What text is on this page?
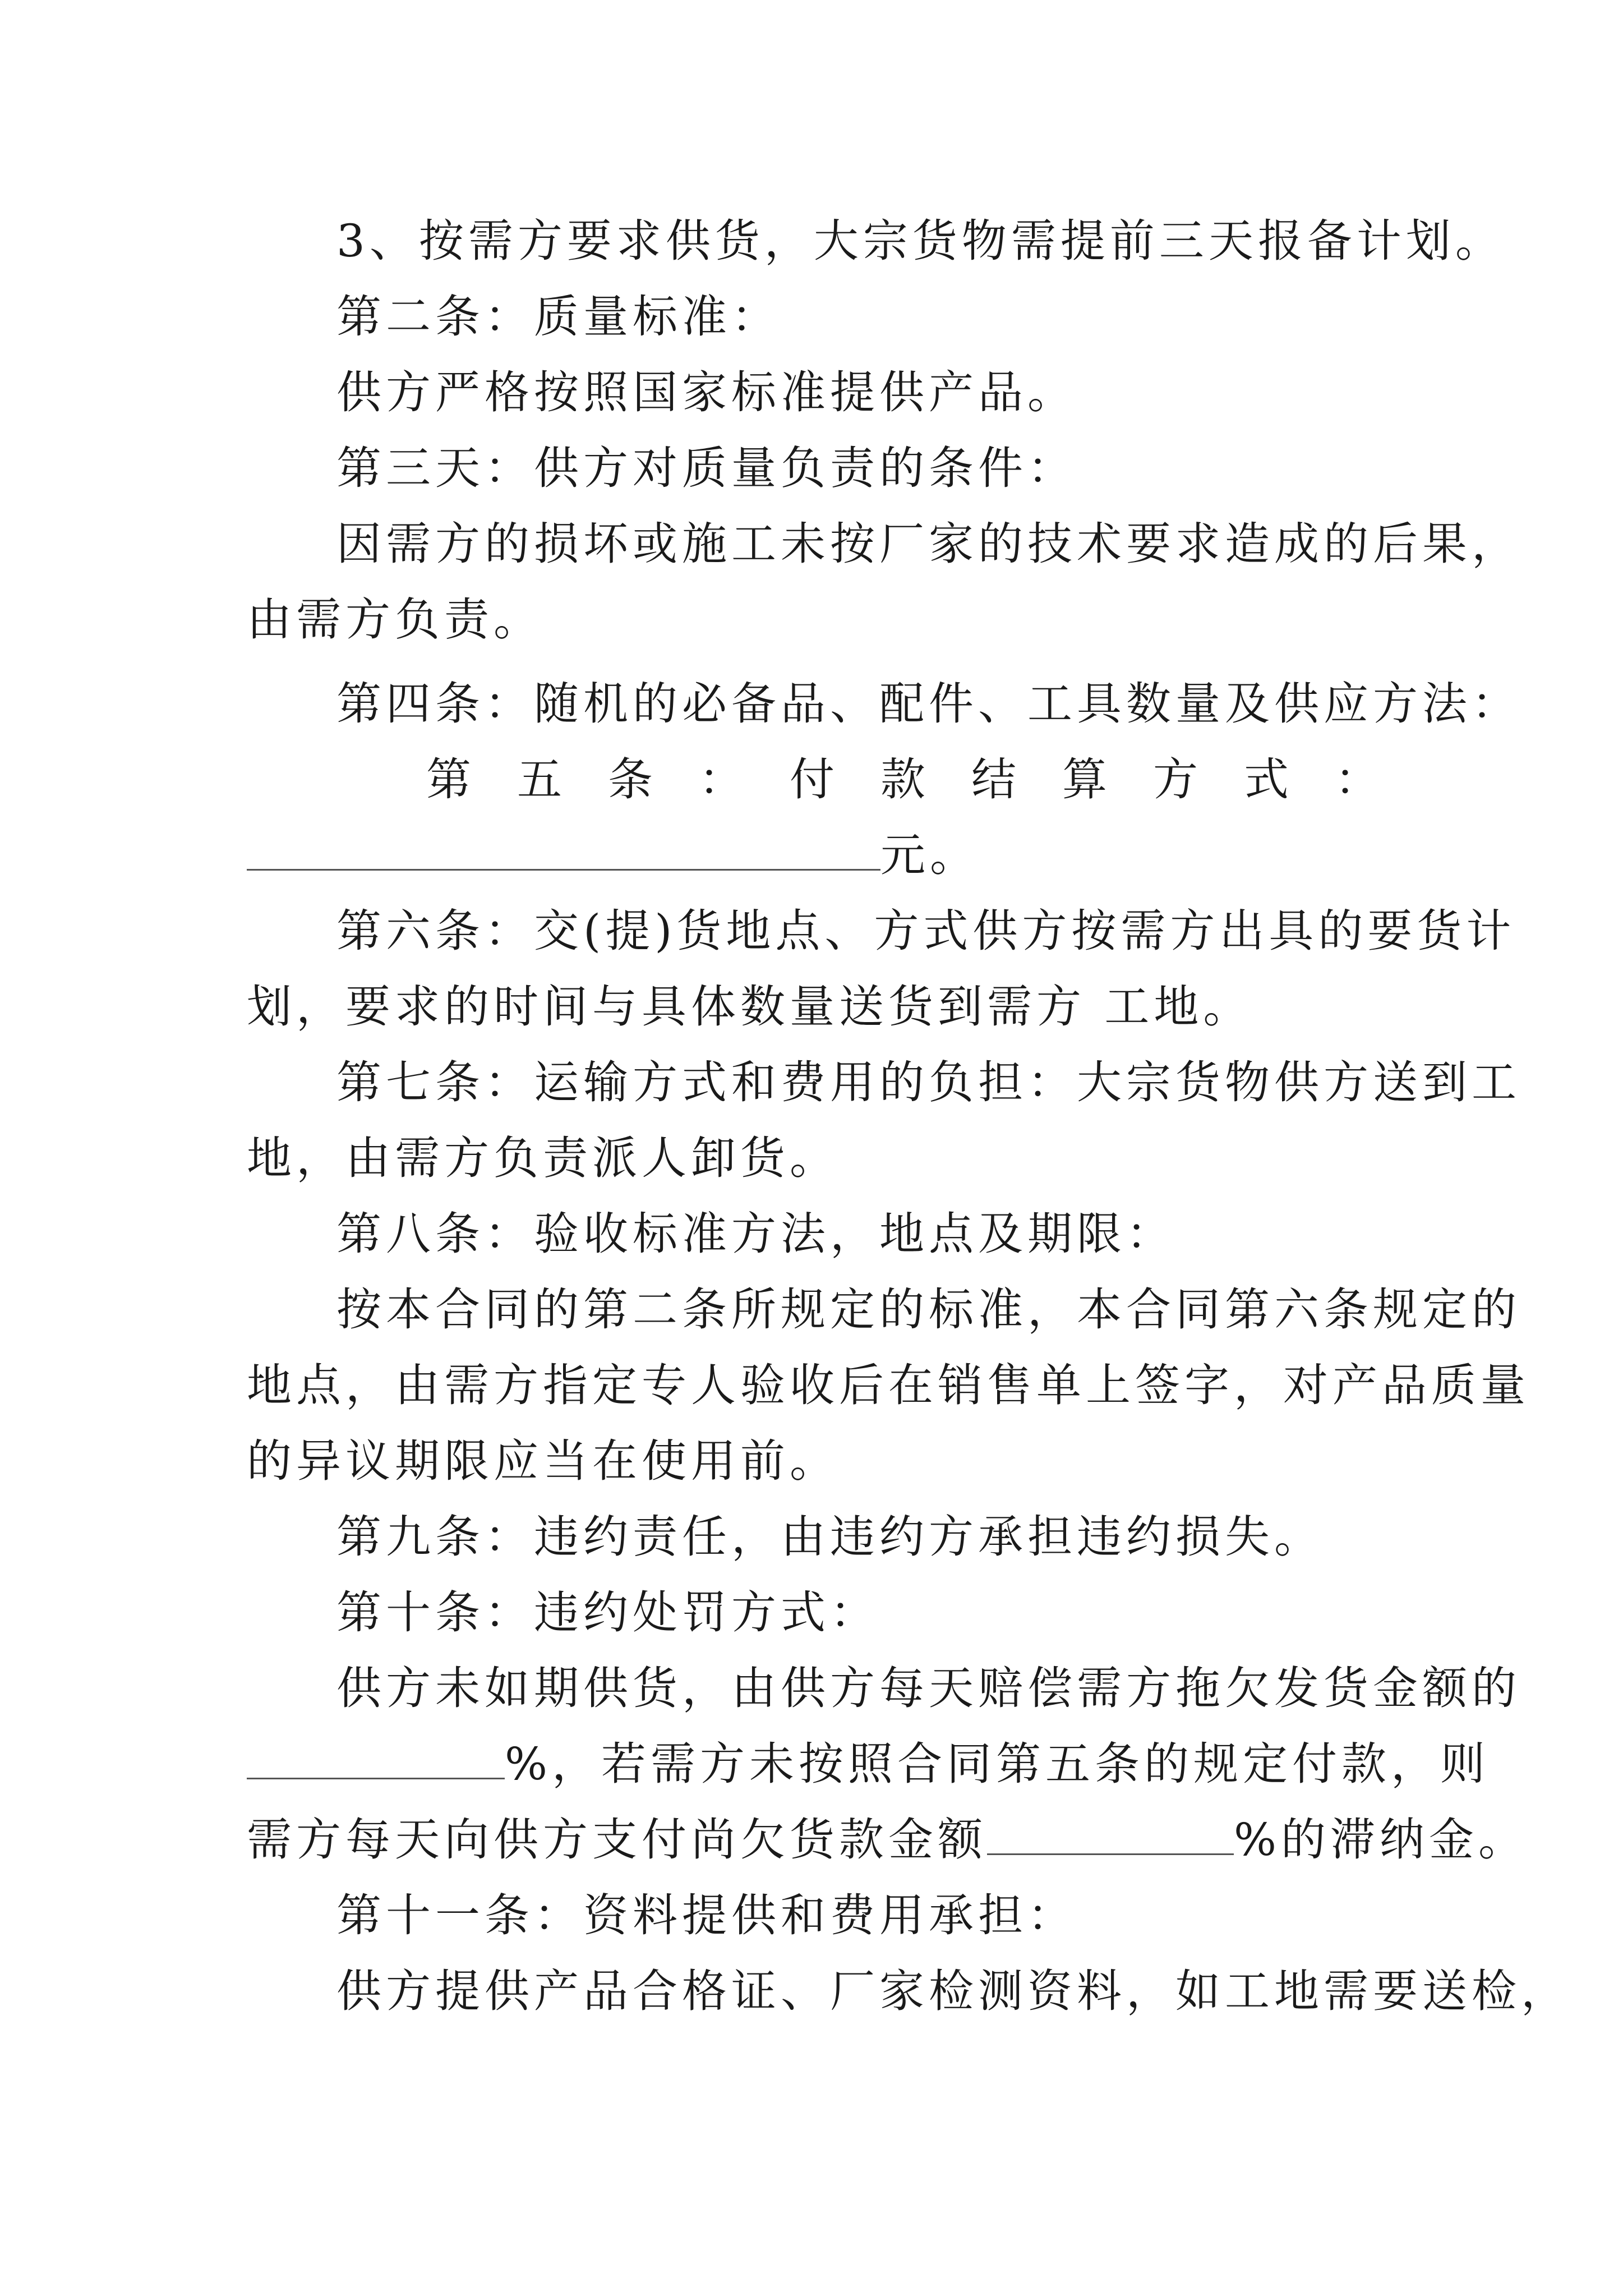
3、按需方要求供货，大宗货物需提前三天报备计划。
第二条：质量标准：
供方严格按照国家标准提供产品。
第三天：供方对质量负责的条件：
因需方的损坏或施工未按厂家的技术要求造成的后果，
由需方负责。
第四条：随机的必备品、配件、工具数量及供应方法：
第 五 条 ： 付 款 结 算 方 式 ：
元。
第六条：交(提)货地点、方式供方按需方出具的要货计
划，要求的时间与具体数量送货到需方 工地。
第七条：运输方式和费用的负担：大宗货物供方送到工
地，由需方负责派人卸货。
第八条：验收标准方法，地点及期限：
按本合同的第二条所规定的标准，本合同第六条规定的
地点，由需方指定专人验收后在销售单上签字，对产品质量
的异议期限应当在使用前。
第九条：违约责任，由违约方承担违约损失。
第十条：违约处罚方式：
供方未如期供货，由供方每天赔偿需方拖欠发货金额的
%，若需方未按照合同第五条的规定付款，则
需方每天向供方支付尚欠货款金额	%的滞纳金。
第十一条：资料提供和费用承担：
供方提供产品合格证、厂家检测资料，如工地需要送检，
